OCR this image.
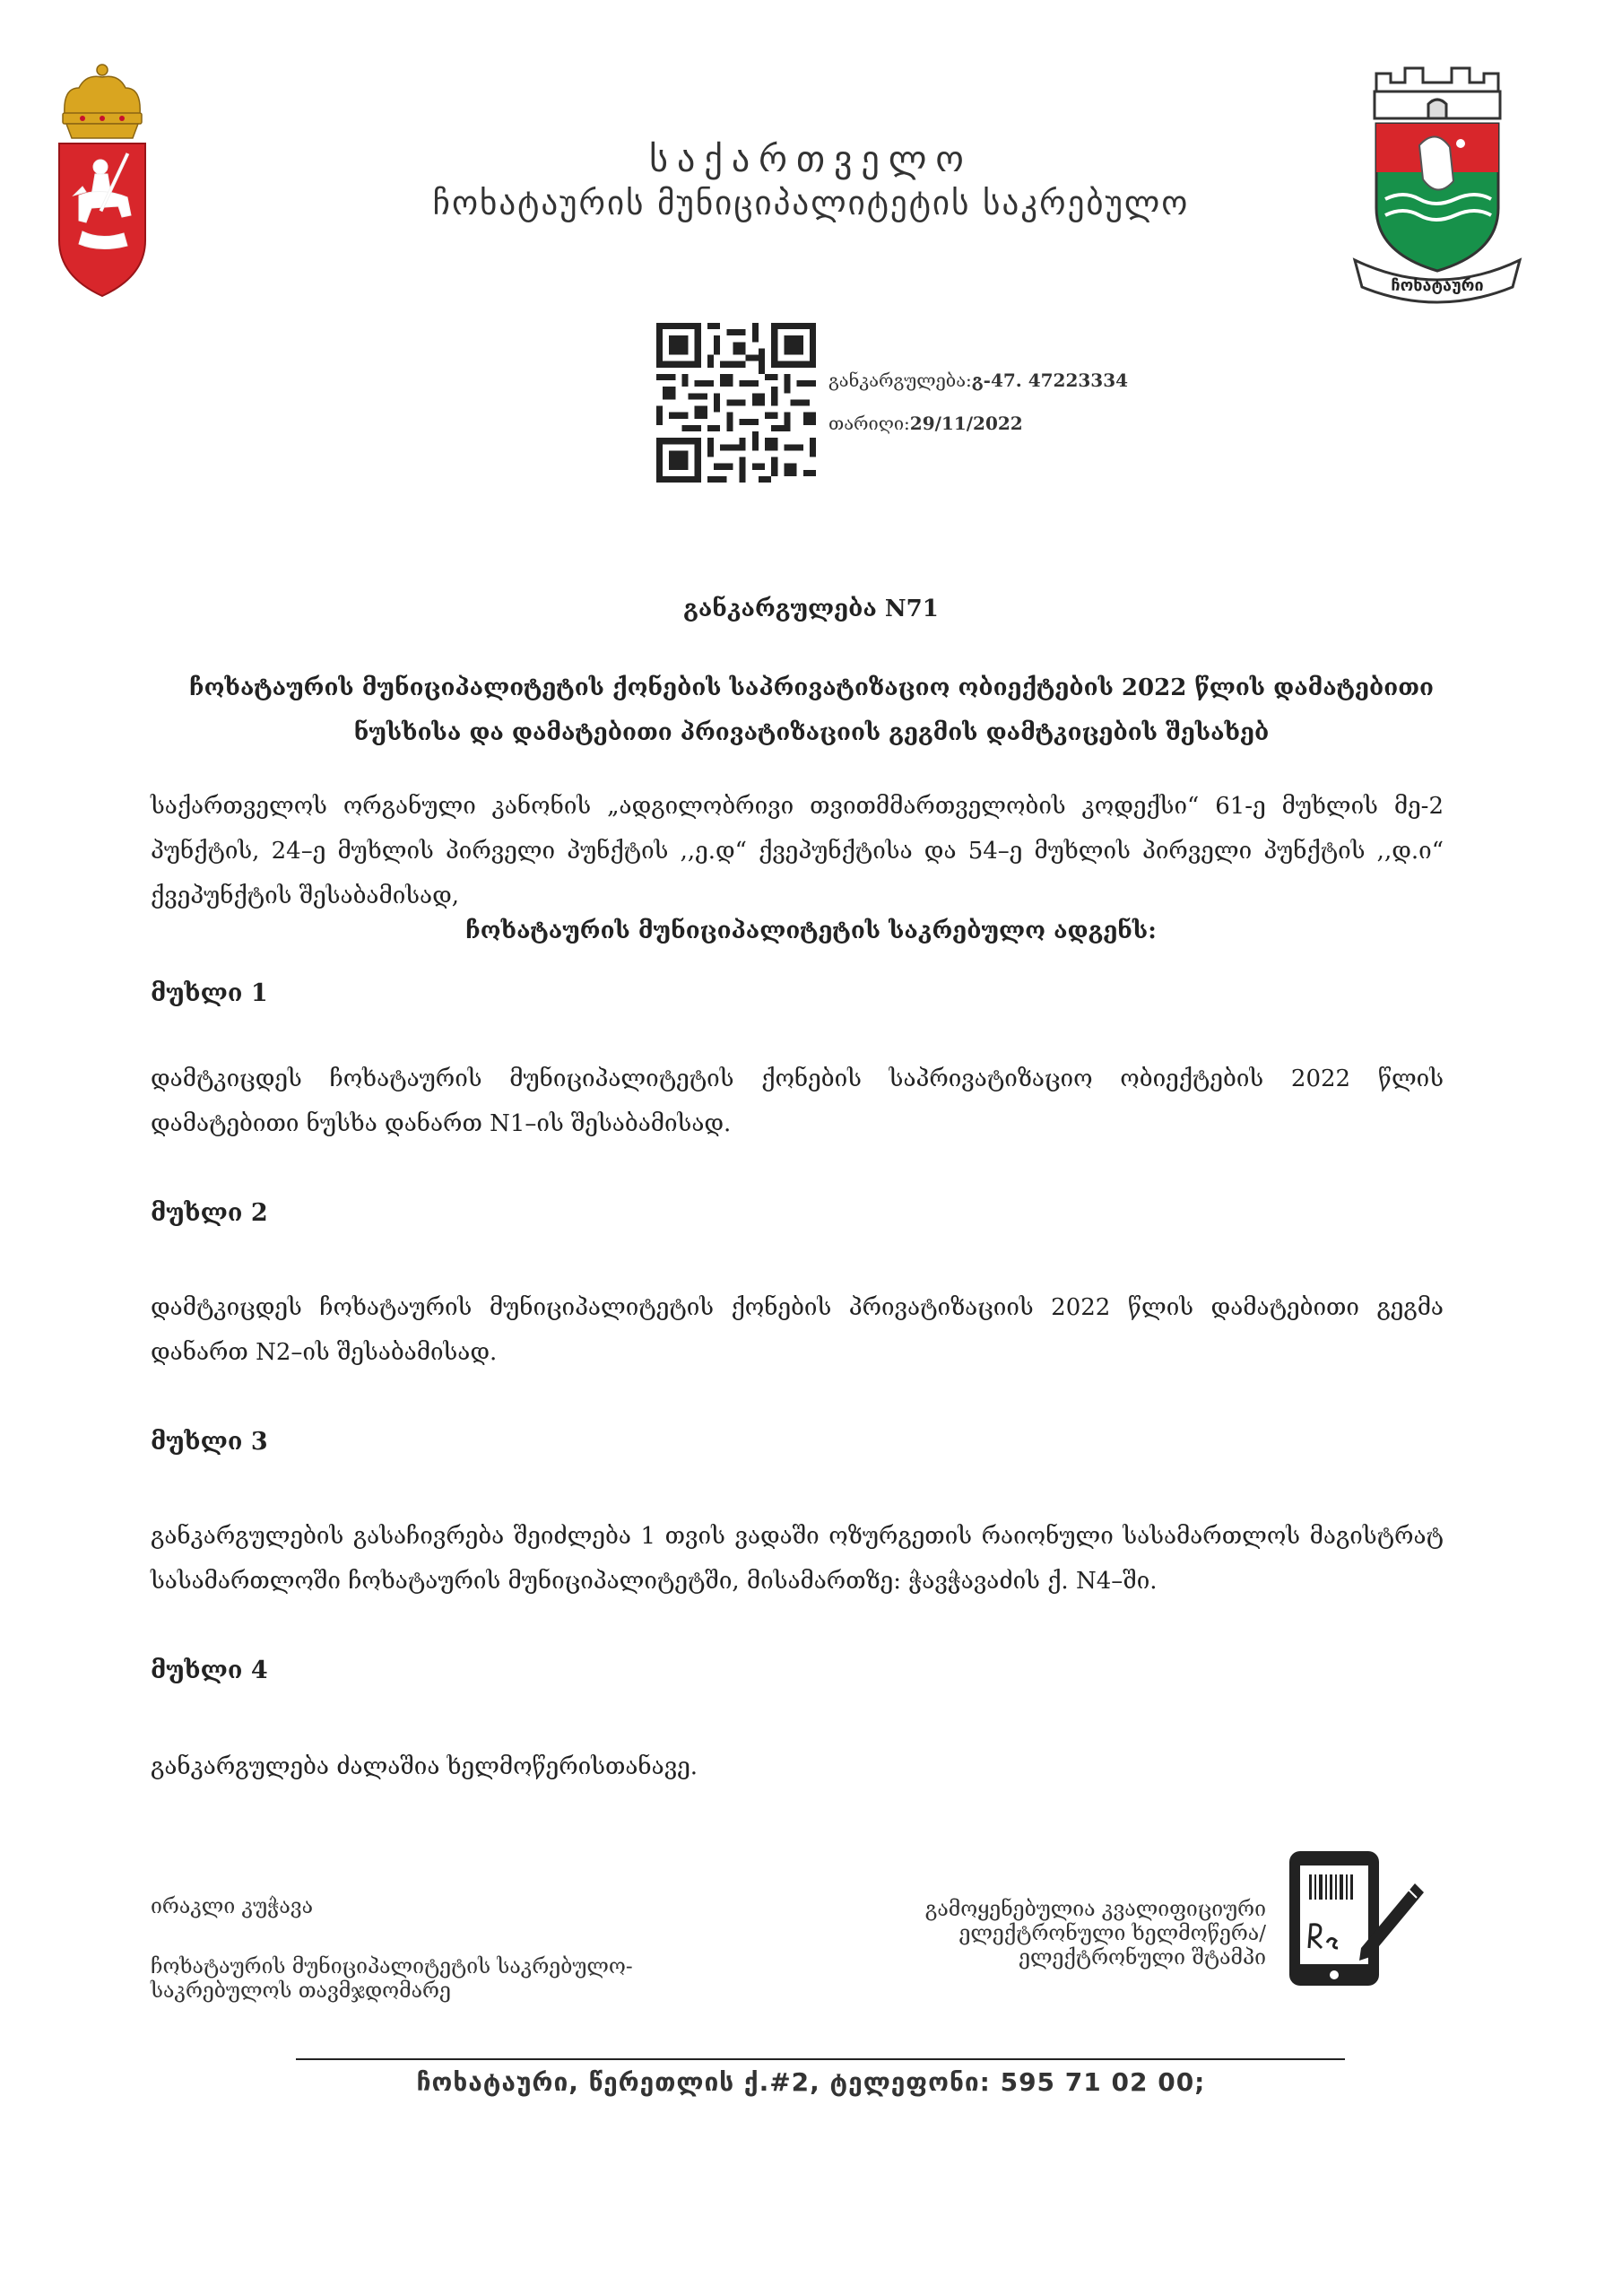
ჩოხატაური
საქართველო
ჩოხატაურის მუნიციპალიტეტის საკრებულო
განკარგულება:გ-47. 47223334
თარიღი:29/11/2022
განკარგულება N71
ჩოხატაურის მუნიციპალიტეტის ქონების საპრივატიზაციო ობიექტების 2022 წლის დამატებითი ნუსხისა და დამატებითი პრივატიზაციის გეგმის დამტკიცების შესახებ
საქართველოს ორგანული კანონის „ადგილობრივი თვითმმართველობის კოდექსი“ 61-ე მუხლის მე-2 პუნქტის, 24–ე მუხლის პირველი პუნქტის ,,ე.დ“ ქვეპუნქტისა და 54–ე მუხლის პირველი პუნქტის ,,დ.ი“ ქვეპუნქტის შესაბამისად,
ჩოხატაურის მუნიციპალიტეტის საკრებულო ადგენს:
მუხლი 1
დამტკიცდეს ჩოხატაურის მუნიციპალიტეტის ქონების საპრივატიზაციო ობიექტების 2022 წლის დამატებითი ნუსხა დანართ N1–ის შესაბამისად.
მუხლი 2
დამტკიცდეს ჩოხატაურის მუნიციპალიტეტის ქონების პრივატიზაციის 2022 წლის დამატებითი გეგმა დანართ N2–ის შესაბამისად.
მუხლი 3
განკარგულების გასაჩივრება შეიძლება 1 თვის ვადაში ოზურგეთის რაიონული სასამართლოს მაგისტრატ სასამართლოში ჩოხატაურის მუნიციპალიტეტში, მისამართზე: ჭავჭავაძის ქ. N4–ში.
მუხლი 4
განკარგულება ძალაშია ხელმოწერისთანავე.
ირაკლი კუჭავა
ჩოხატაურის მუნიციპალიტეტის საკრებულო-
საკრებულოს თავმჯდომარე
გამოყენებულია კვალიფიციური
ელექტრონული ხელმოწერა/
ელექტრონული შტამპი
ჩოხატაური, წერეთლის ქ.#2, ტელეფონი: 595 71 02 00;
